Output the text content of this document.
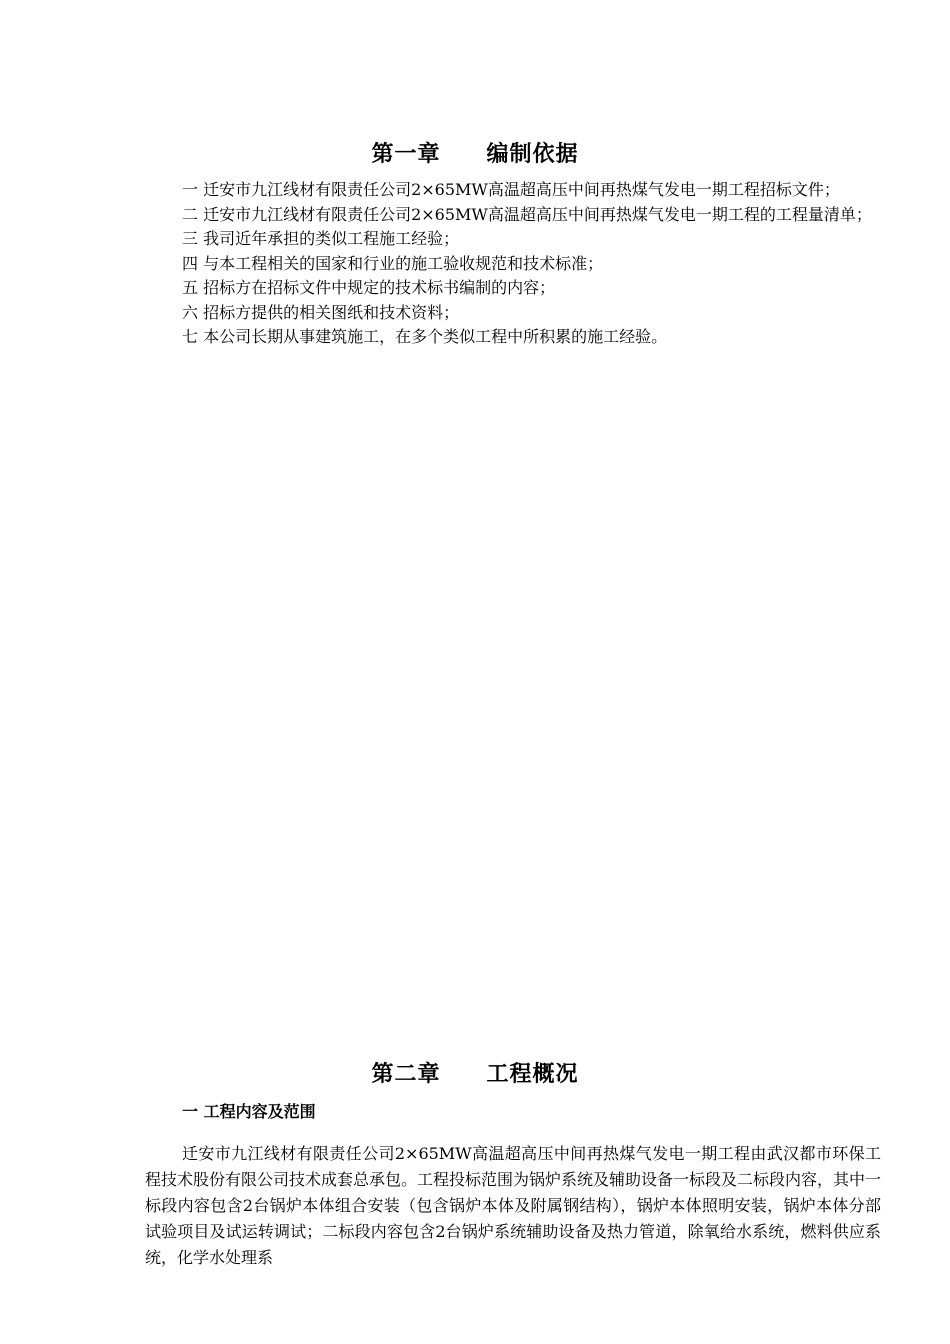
第一章　　编制依据

一 迁安市九江线材有限责任公司2×65MW高温超高压中间再热煤气发电一期工程招标文件；

二 迁安市九江线材有限责任公司2×65MW高温超高压中间再热煤气发电一期工程的工程量清单；

三 我司近年承担的类似工程施工经验；

四 与本工程相关的国家和行业的施工验收规范和技术标准；

五 招标方在招标文件中规定的技术标书编制的内容；

六 招标方提供的相关图纸和技术资料；

七 本公司长期从事建筑施工，在多个类似工程中所积累的施工经验。

第二章　　工程概况
一 工程内容及范围

迁安市九江线材有限责任公司2×65MW高温超高压中间再热煤气发电一期工程由武汉都市环保工程技术股份有限公司技术成套总承包。工程投标范围为锅炉系统及辅助设备一标段及二标段内容，其中一标段内容包含2台锅炉本体组合安装（包含锅炉本体及附属钢结构），锅炉本体照明安装，锅炉本体分部试验项目及试运转调试；二标段内容包含2台锅炉系统辅助设备及热力管道，除氧给水系统，燃料供应系统，化学水处理系
